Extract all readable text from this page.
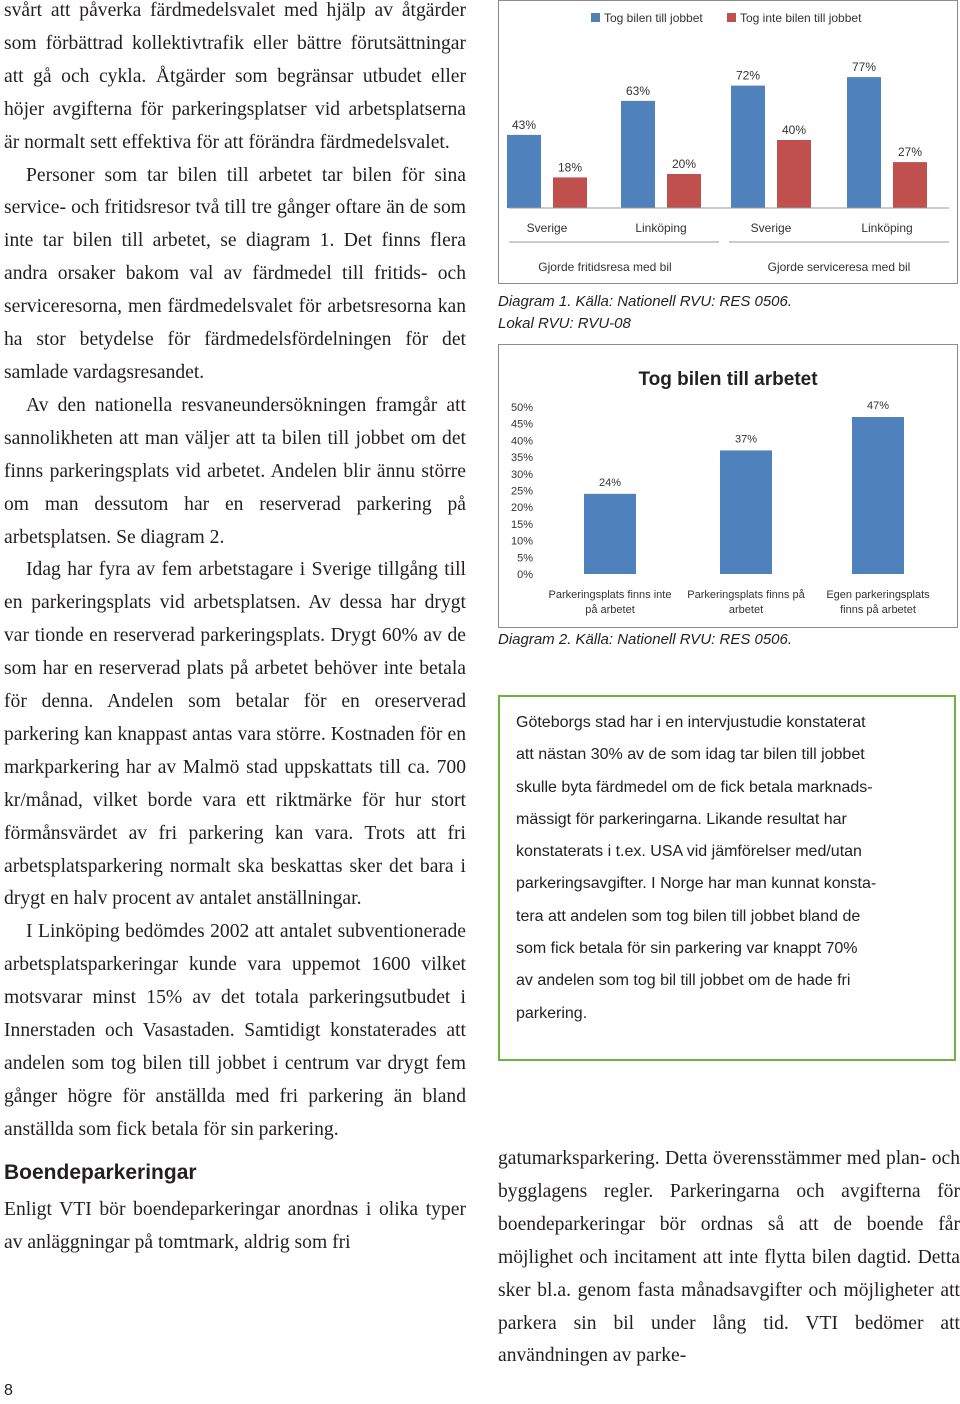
svårt att påverka färdmedelsvalet med hjälp av åtgärder som förbättrad kollektivtrafik eller bättre förutsättningar att gå och cykla. Åtgärder som begränsar utbudet eller höjer avgifterna för parkeringsplatser vid arbetsplatserna är normalt sett effektiva för att förändra färdmedelsvalet.

Personer som tar bilen till arbetet tar bilen för sina service- och fritidsresor två till tre gånger oftare än de som inte tar bilen till arbetet, se diagram 1. Det finns flera andra orsaker bakom val av färdmedel till fritids- och serviceresorna, men färdmedelsvalet för arbetsresorna kan ha stor betydelse för färdmedelsfördelningen för det samlade vardagsresandet.

Av den nationella resvaneundersökningen framgår att sannolikheten att man väljer att ta bilen till jobbet om det finns parkeringsplats vid arbetet. Andelen blir ännu större om man dessutom har en reserverad parkering på arbetsplatsen. Se diagram 2.

Idag har fyra av fem arbetstagare i Sverige tillgång till en parkeringsplats vid arbetsplatsen. Av dessa har drygt var tionde en reserverad parkeringsplats. Drygt 60% av de som har en reserverad plats på arbetet behöver inte betala för denna. Andelen som betalar för en oreserverad parkering kan knappast antas vara större. Kostnaden för en markparkering har av Malmö stad uppskattats till ca. 700 kr/månad, vilket borde vara ett riktmärke för hur stort förmånsvärdet av fri parkering kan vara. Trots att fri arbetsplatsparkering normalt ska beskattas sker det bara i drygt en halv procent av antalet anställningar.

I Linköping bedömdes 2002 att antalet subventionerade arbetsplatsparkeringar kunde vara uppemot 1600 vilket motsvarar minst 15% av det totala parkeringsutbudet i Innerstaden och Vasastaden. Samtidigt konstaterades att andelen som tog bilen till jobbet i centrum var drygt fem gånger högre för anställda med fri parkering än bland anställda som fick betala för sin parkering.

Boendeparkeringar

Enligt VTI bör boendeparkeringar anordnas i olika typer av anläggningar på tomtmark, aldrig som fri

8
Tog bilen till jobbet	Tog inte bilen till jobbet
43%
18%
Sverige
63%
20%
Linköping
72%
40%
Sverige
77%
27%
Linköping
Gjorde fritidsresa med bil	Gjorde serviceresa med bil
Diagram 1. Källa: Nationell RVU: RES 0506.
Lokal RVU: RVU-08
Tog bilen till arbetet
0%
5%
10%
15%
20%
25%
30%
35%
40%
45%
50%
24%
Parkeringsplats finns inte
på arbetet
37%
Parkeringsplats finns på
arbetet
47%
Egen parkeringsplats
finns på arbetet
Diagram 2. Källa: Nationell RVU: RES 0506.

Göteborgs stad har i en intervjustudie konstaterat

att nästan 30% av de som idag tar bilen till jobbet

skulle byta färdmedel om de fick betala marknads-

mässigt för parkeringarna. Likande resultat har

konstaterats i t.ex. USA vid jämförelser med/utan

parkeringsavgifter. I Norge har man kunnat konsta-

tera att andelen som tog bilen till jobbet bland de

som fick betala för sin parkering var knappt 70%

av andelen som tog bil till jobbet om de hade fri

parkering.

gatumarksparkering. Detta överensstämmer med plan- och bygglagens regler. Parkeringarna och avgifterna för boendeparkeringar bör ordnas så att de boende får möjlighet och incitament att inte flytta bilen dagtid. Detta sker bl.a. genom fasta månadsavgifter och möjligheter att parkera sin bil under lång tid. VTI bedömer att användningen av parke-
